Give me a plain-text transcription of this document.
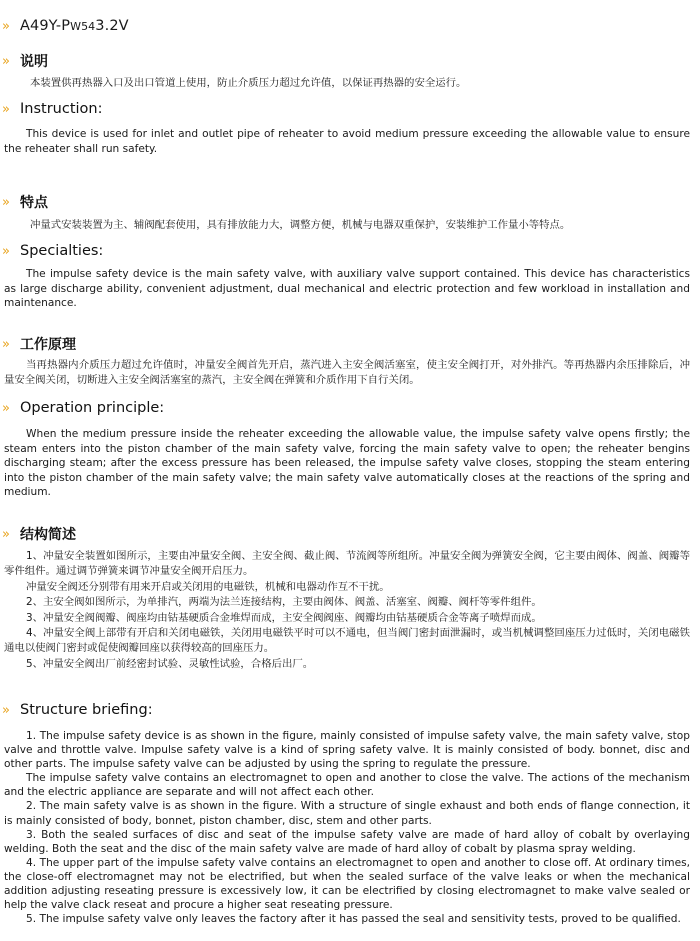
» A49Y-PW543.2V
» 说明

本装置供再热器入口及出口管道上使用，防止介质压力超过允许值，以保证再热器的安全运行。

» Instruction:

This device is used for inlet and outlet pipe of reheater to avoid medium pressure exceeding the allowable value to ensure the reheater shall run safety.

» 特点

冲量式安装装置为主、辅阀配套使用，具有排放能力大，调整方便，机械与电器双重保护，安装维护工作量小等特点。

» Specialties:

The impulse safety device is the main safety valve, with auxiliary valve support contained. This device has characteristics as large discharge ability, convenient adjustment, dual mechanical and electric protection and few workload in installation and maintenance.

» 工作原理

当再热器内介质压力超过允许值时，冲量安全阀首先开启，蒸汽进入主安全阀活塞室，使主安全阀打开，对外排汽。等再热器内余压排除后，冲量安全阀关闭，切断进入主安全阀活塞室的蒸汽，主安全阀在弹簧和介质作用下自行关闭。

» Operation principle:

When the medium pressure inside the reheater exceeding the allowable value, the impulse safety valve opens firstly; the steam enters into the piston chamber of the main safety valve, forcing the main safety valve to open; the reheater bengins discharging steam; after the excess pressure has been released, the impulse safety valve closes, stopping the steam entering into the piston chamber of the main safety valve; the main safety valve automatically closes at the reactions of the spring and medium.

» 结构简述

1、冲量安全装置如图所示，主要由冲量安全阀、主安全阀、截止阀、节流阀等所组所。冲量安全阀为弹簧安全阀，它主要由阀体、阀盖、阀瓣等零件组件。通过调节弹簧来调节冲量安全阀开启压力。

冲量安全阀还分别带有用来开启或关闭用的电磁铁，机械和电器动作互不干扰。

2、主安全阀如图所示，为单排汽，两端为法兰连接结构，主要由阀体、阀盖、活塞室、阀瓣、阀杆等零件组件。

3、冲量安全阀阀瓣、阀座均由钴基硬质合金堆焊而成，主安全阀阀座、阀瓣均由钴基硬质合金等离子喷焊而成。

4、冲量安全阀上部带有开启和关闭电磁铁，关闭用电磁铁平时可以不通电，但当阀门密封面泄漏时，或当机械调整回座压力过低时，关闭电磁铁通电以使阀门密封或促使阀瓣回座以获得较高的回座压力。

5、冲量安全阀出厂前经密封试验、灵敏性试验，合格后出厂。

» Structure briefing:

1. The impulse safety device is as shown in the figure, mainly consisted of impulse safety valve, the main safety valve, stop valve and throttle valve. Impulse safety valve is a kind of spring safety valve. It is mainly consisted of body. bonnet, disc and other parts. The impulse safety valve can be adjusted by using the spring to regulate the pressure.

The impulse safety valve contains an electromagnet to open and another to close the valve. The actions of the mechanism and the electric appliance are separate and will not affect each other.

2. The main safety valve is as shown in the figure. With a structure of single exhaust and both ends of flange connection, it is mainly consisted of body, bonnet, piston chamber, disc, stem and other parts.

3. Both the sealed surfaces of disc and seat of the impulse safety valve are made of hard alloy of cobalt by overlaying welding. Both the seat and the disc of the main safety valve are made of hard alloy of cobalt by plasma spray welding.

4. The upper part of the impulse safety valve contains an electromagnet to open and another to close off. At ordinary times, the close-off electromagnet may not be electrified, but when the sealed surface of the valve leaks or when the mechanical addition adjusting reseating pressure is excessively low, it can be electrified by closing electromagnet to make valve sealed or help the valve clack reseat and procure a higher seat reseating pressure.

5. The impulse safety valve only leaves the factory after it has passed the seal and sensitivity tests, proved to be qualified.
